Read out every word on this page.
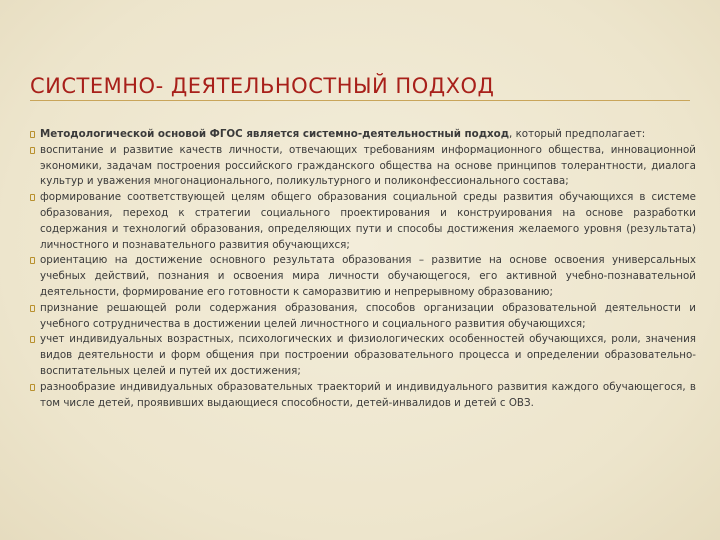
СИСТЕМНО- ДЕЯТЕЛЬНОСТНЫЙ ПОДХОД
Методологической основой ФГОС является системно-деятельностный подход, который предполагает:
воспитание и развитие качеств личности, отвечающих требованиям информационного общества, инновационной экономики, задачам построения российского гражданского общества на основе принципов толерантности, диалога культур и уважения многонационального, поликультурного и поликонфессионального состава;
формирование соответствующей целям общего образования социальной среды развития обучающихся в системе образования, переход к стратегии социального проектирования и конструирования на основе разработки содержания и технологий образования, определяющих пути и способы достижения желаемого уровня (результата) личностного и познавательного развития обучающихся;
ориентацию на достижение основного результата образования – развитие на основе освоения универсальных учебных действий, познания и освоения мира личности обучающегося, его активной учебно-познавательной деятельности, формирование его готовности к саморазвитию и непрерывному образованию;
признание решающей роли содержания образования, способов организации образовательной деятельности и учебного сотрудничества в достижении целей личностного и социального развития обучающихся;
учет индивидуальных возрастных, психологических и физиологических особенностей обучающихся, роли, значения видов деятельности и форм общения при построении образовательного процесса и определении образовательно-воспитательных целей и путей их достижения;
разнообразие индивидуальных образовательных траекторий и индивидуального развития каждого обучающегося, в том числе детей, проявивших выдающиеся способности, детей-инвалидов и детей с ОВЗ.
